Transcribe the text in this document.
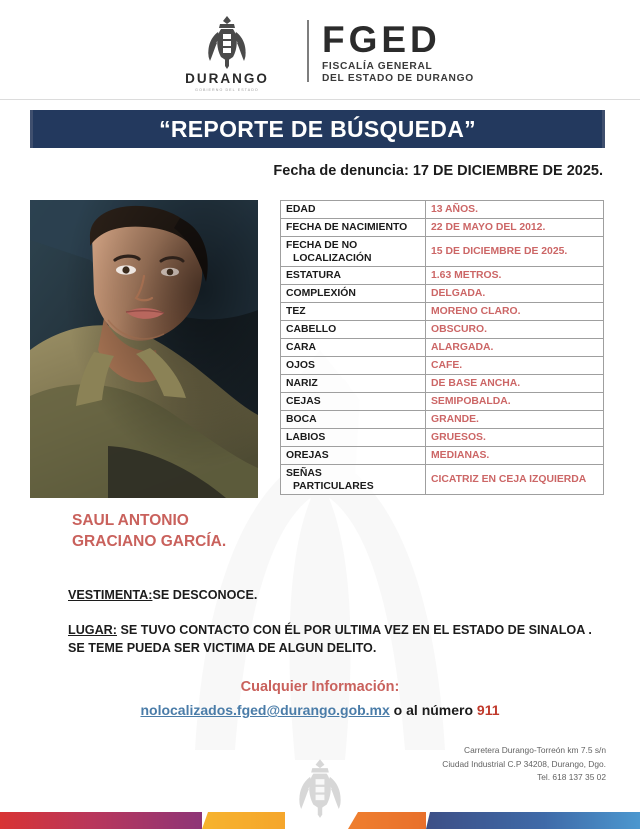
DURANGO
GOBIERNO DEL ESTADO
FGED
FISCALÍA GENERAL
DEL ESTADO DE DURANGO
“REPORTE DE BÚSQUEDA”
Fecha de denuncia: 17 DE DICIEMBRE DE 2025.
EDAD	13 AÑOS.

FECHA DE NACIMIENTO	22 DE MAYO DEL 2012.

FECHA DE NO
LOCALIZACIÓN	15 DE DICIEMBRE DE 2025.

ESTATURA	1.63 METROS.

COMPLEXIÓN	DELGADA.

TEZ	MORENO CLARO.

CABELLO	OBSCURO.

CARA	ALARGADA.

OJOS	CAFE.

NARIZ	DE BASE ANCHA.

CEJAS	SEMIPOBALDA.

BOCA	GRANDE.

LABIOS	GRUESOS.

OREJAS	MEDIANAS.

SEÑAS
PARTICULARES	CICATRIZ EN CEJA IZQUIERDA
SAUL ANTONIO
GRACIANO GARCÍA.
VESTIMENTA:SE DESCONOCE.
LUGAR: SE TUVO CONTACTO CON ÉL POR ULTIMA VEZ EN EL ESTADO DE SINALOA . SE TEME PUEDA SER VICTIMA DE ALGUN DELITO.
Cualquier Información:
nolocalizados.fged@durango.gob.mx o al número 911
Carretera Durango-Torreón km 7.5 s/n
Ciudad Industrial C.P 34208, Durango, Dgo.
Tel. 618 137 35 02
